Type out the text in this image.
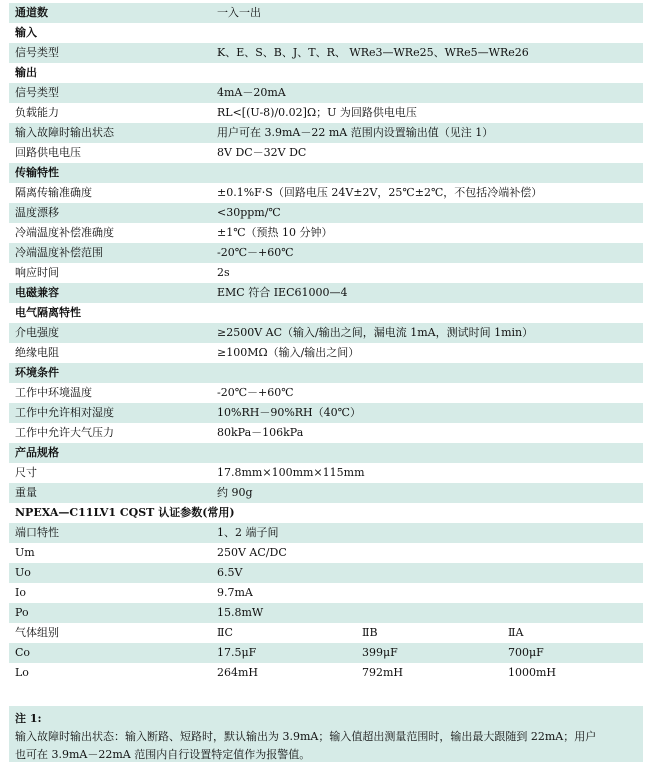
通道数	一入一出
输入
信号类型	K、E、S、B、J、T、R、 WRe3—WRe25、WRe5—WRe26
输出
信号类型	4mA－20mA
负载能力	RL<[(U-8)/0.02]Ω；U 为回路供电电压
输入故障时输出状态	用户可在 3.9mA－22 mA 范围内设置输出值（见注 1）
回路供电电压	8V DC－32V DC
传输特性
隔离传输准确度	±0.1%F·S（回路电压 24V±2V，25℃±2℃，不包括冷端补偿）
温度漂移	<30ppm/℃
冷端温度补偿准确度	±1℃（预热 10 分钟）
冷端温度补偿范围	-20℃－+60℃
响应时间	2s
电磁兼容	EMC 符合 IEC61000—4
电气隔离特性
介电强度	≥2500V AC（输入/输出之间，漏电流 1mA，测试时间 1min）
绝缘电阻	≥100MΩ（输入/输出之间）
环境条件
工作中环境温度	-20℃－+60℃
工作中允许相对湿度	10%RH－90%RH（40℃）
工作中允许大气压力	80kPa－106kPa
产品规格
尺寸	17.8mm×100mm×115mm
重量	约 90g
NPEXA—C11LV1 CQST 认证参数(常用)
端口特性	1、2 端子间
Um	250V AC/DC
Uo	6.5V
Io	9.7mA
Po	15.8mW
气体组别	ⅡC	ⅡB	ⅡA
Co	17.5μF	399μF	700μF
Lo	264mH	792mH	1000mH
注 1:
输入故障时输出状态：输入断路、短路时，默认输出为 3.9mA；输入值超出测量范围时，输出最大跟随到 22mA；用户
也可在 3.9mA－22mA 范围内自行设置特定值作为报警值。
